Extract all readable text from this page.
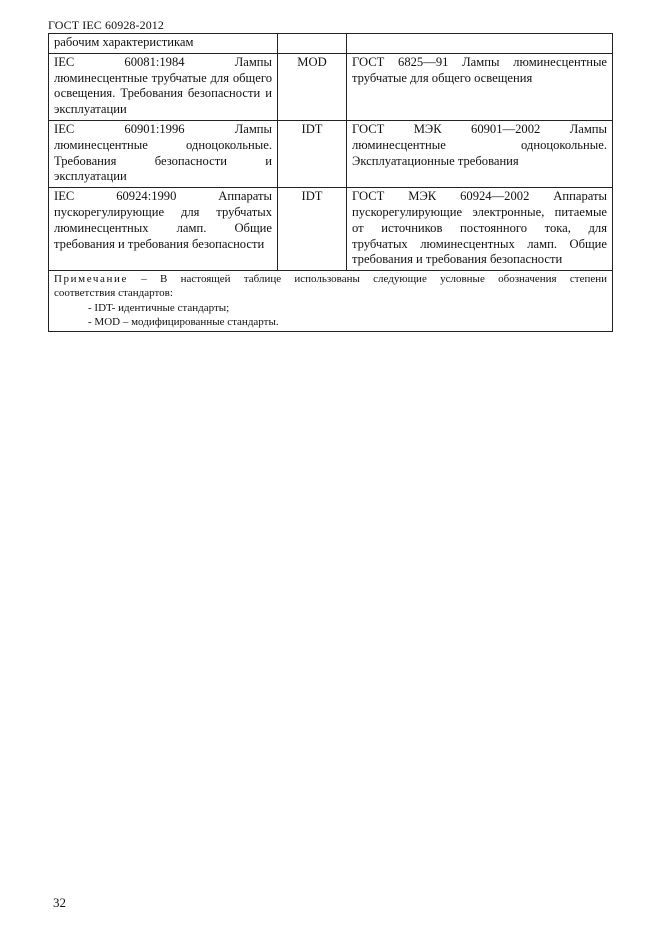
ГОСТ IEC 60928-2012
рабочим характеристикам		
IEC 60081:1984 Лампы люминесцентные трубчатые для общего освещения. Требования безопасности и эксплуатации	MOD	ГОСТ 6825—91 Лампы люминесцентные трубчатые для общего освещения
IEC 60901:1996 Лампы люминесцентные одноцокольные. Требования безопасности и эксплуатации	IDT	ГОСТ МЭК 60901—2002 Лампы люминесцентные одноцокольные. Эксплуатационные требования
IEC 60924:1990 Аппараты пускорегулирующие для трубчатых люминесцентных ламп. Общие требования и требования безопасности	IDT	ГОСТ МЭК 60924—2002 Аппараты пускорегулирующие электронные, питаемые от источников постоянного тока, для трубчатых люминесцентных ламп. Общие требования и требования безопасности

Примечание – В настоящей таблице использованы следующие условные обозначения степени
соответствия стандартов:
- IDT- идентичные стандарты;
- MOD – модифицированные стандарты.		
32
